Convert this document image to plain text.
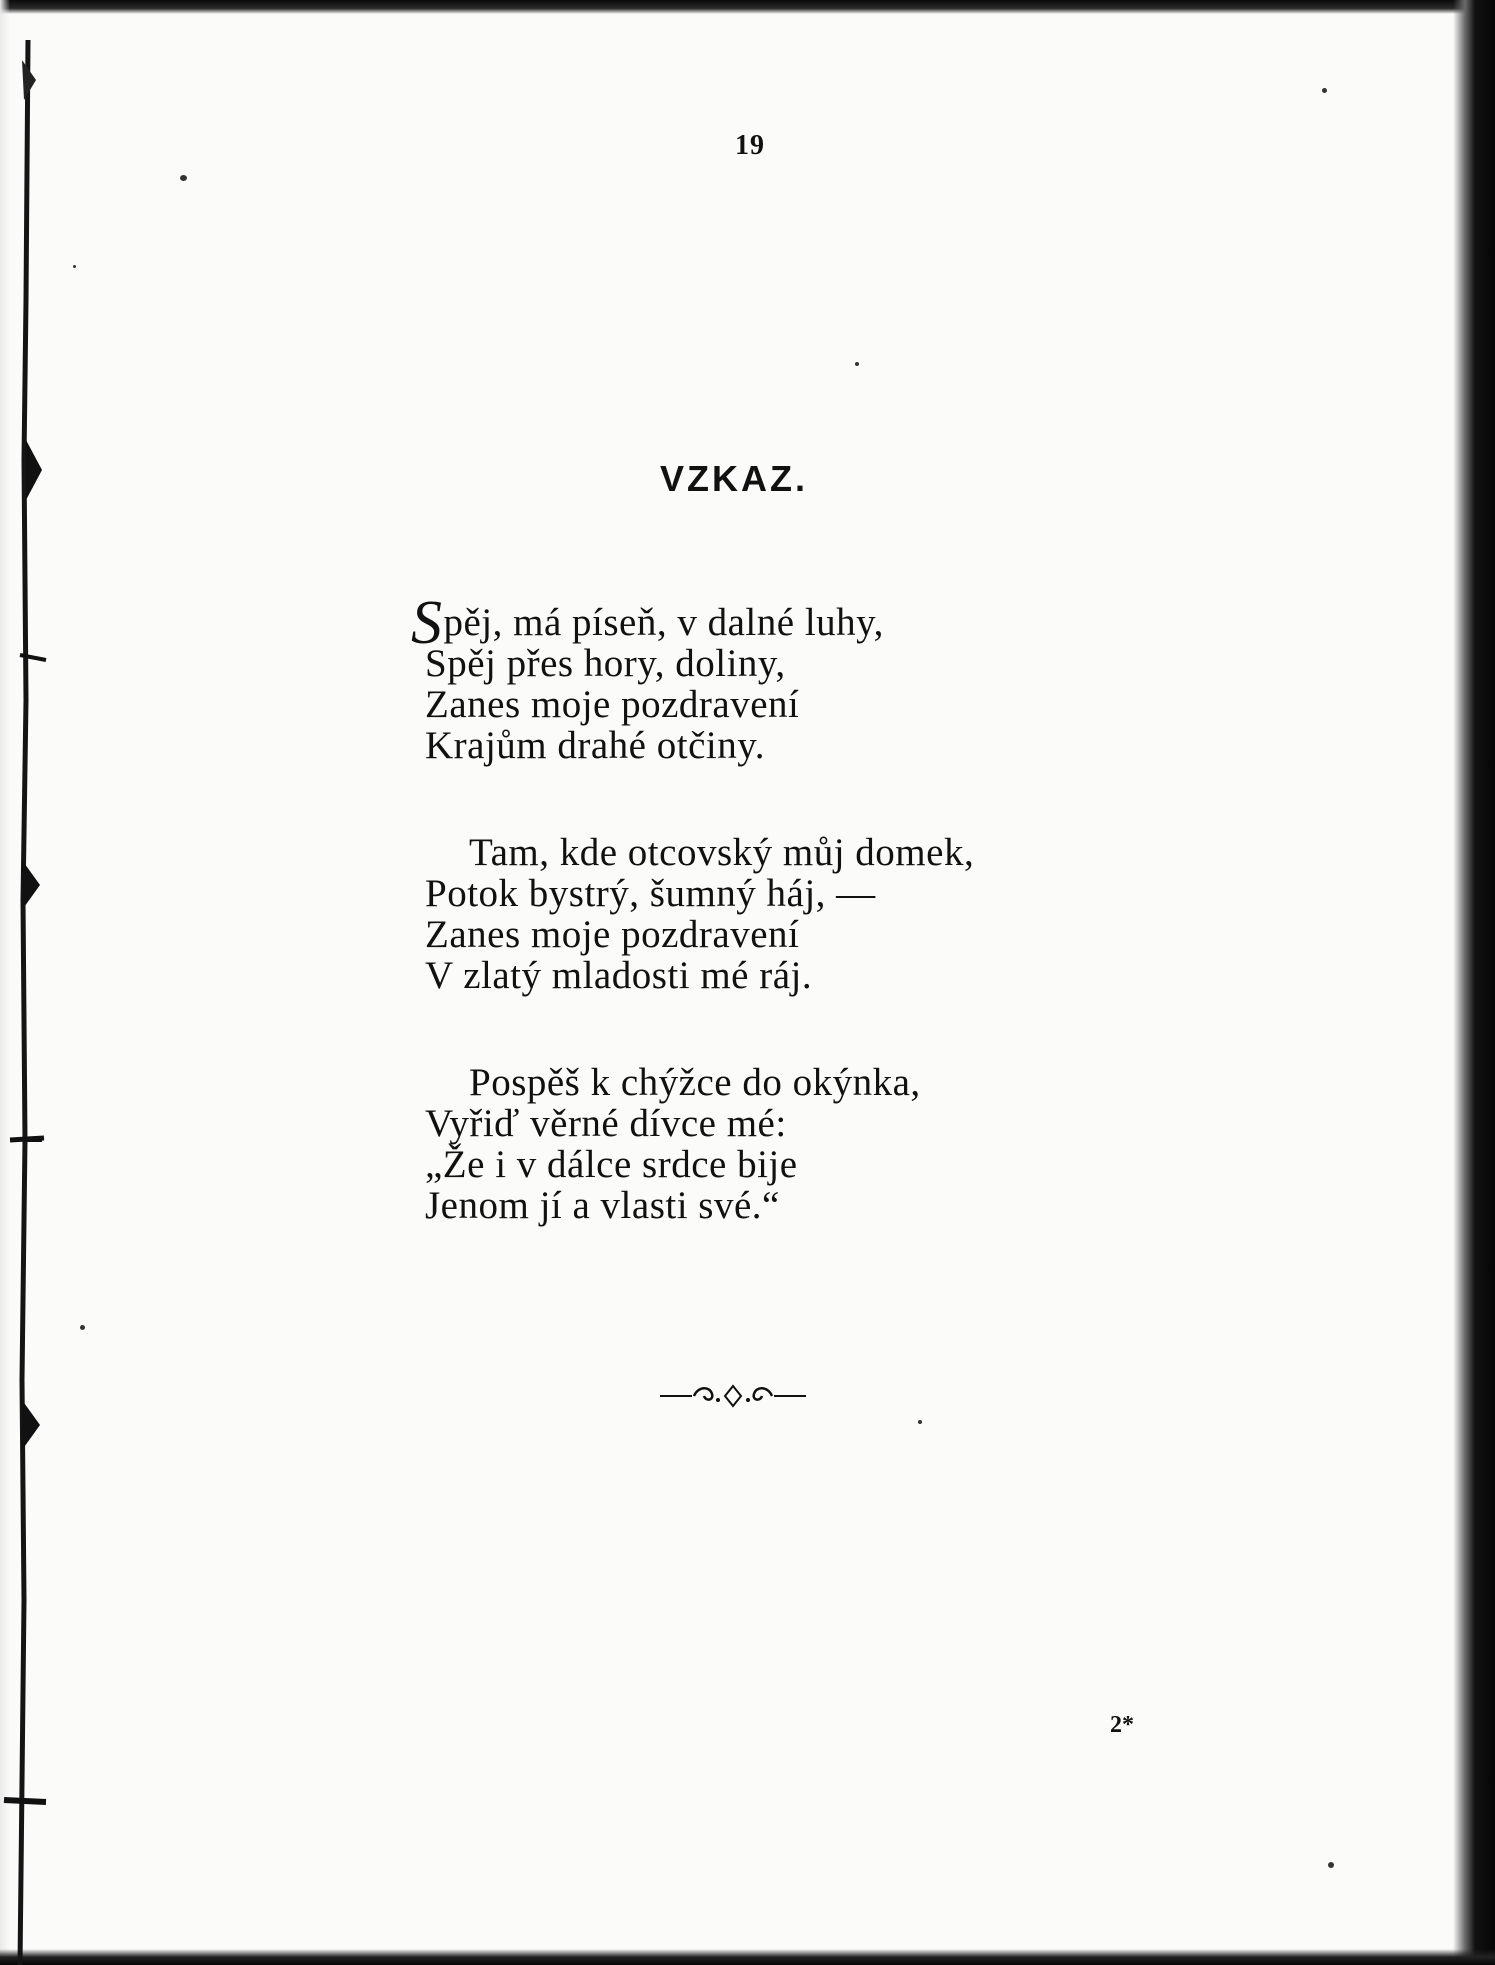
19
VZKAZ.
Spěj, má píseň, v dalné luhy,
Spěj přes hory, doliny,
Zanes moje pozdravení
Krajům drahé otčiny.
Tam, kde otcovský můj domek,
Potok bystrý, šumný háj, —
Zanes moje pozdravení
V zlatý mladosti mé ráj.
Pospěš k chýžce do okýnka,
Vyřiď věrné dívce mé:
„Že i v dálce srdce bije
Jenom jí a vlasti své.“
2*
